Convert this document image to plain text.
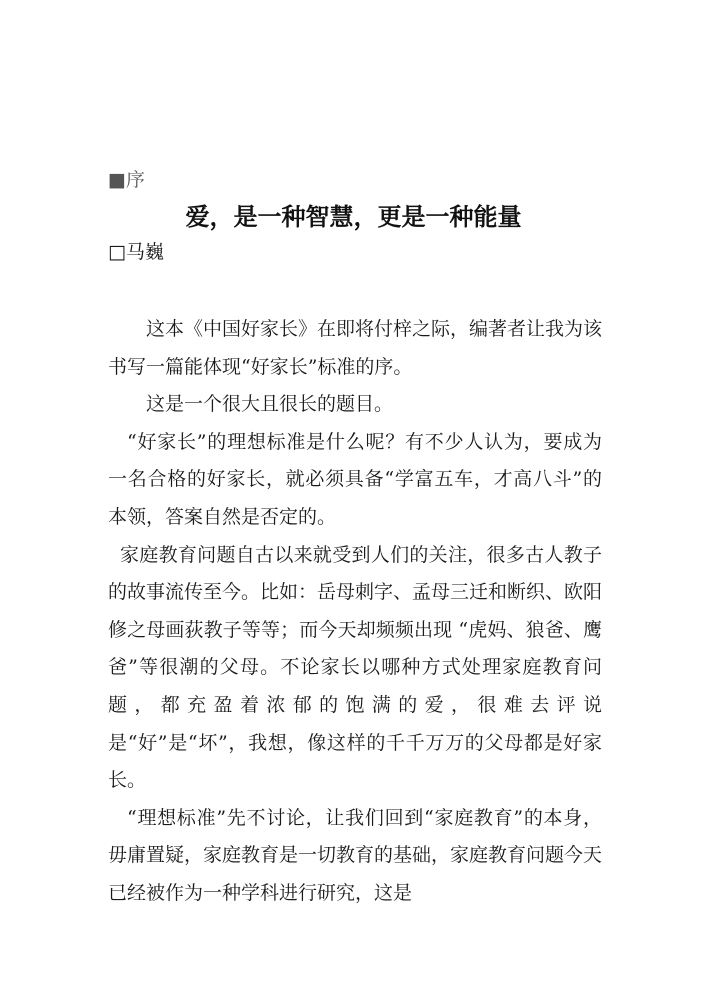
■序
爱，是一种智慧，更是一种能量
□马巍

这本《中国好家长》在即将付梓之际，编著者让我为该书写一篇能体现“好家长”标准的序。

这是一个很大且很长的题目。

“好家长”的理想标准是什么呢？有不少人认为，要成为一名合格的好家长，就必须具备“学富五车，才高八斗”的本领，答案自然是否定的。

家庭教育问题自古以来就受到人们的关注，很多古人教子的故事流传至今。比如：岳母刺字、孟母三迁和断织、欧阳修之母画荻教子等等；而今天却频频出现 “虎妈、狼爸、鹰爸”等很潮的父母。不论家长以哪种方式处理家庭教育问题，都充盈着浓郁的饱满的爱，很难去评说是“好”是“坏”，我想，像这样的千千万万的父母都是好家长。

“理想标准”先不讨论，让我们回到“家庭教育”的本身，毋庸置疑，家庭教育是一切教育的基础，家庭教育问题今天已经被作为一种学科进行研究，这是
